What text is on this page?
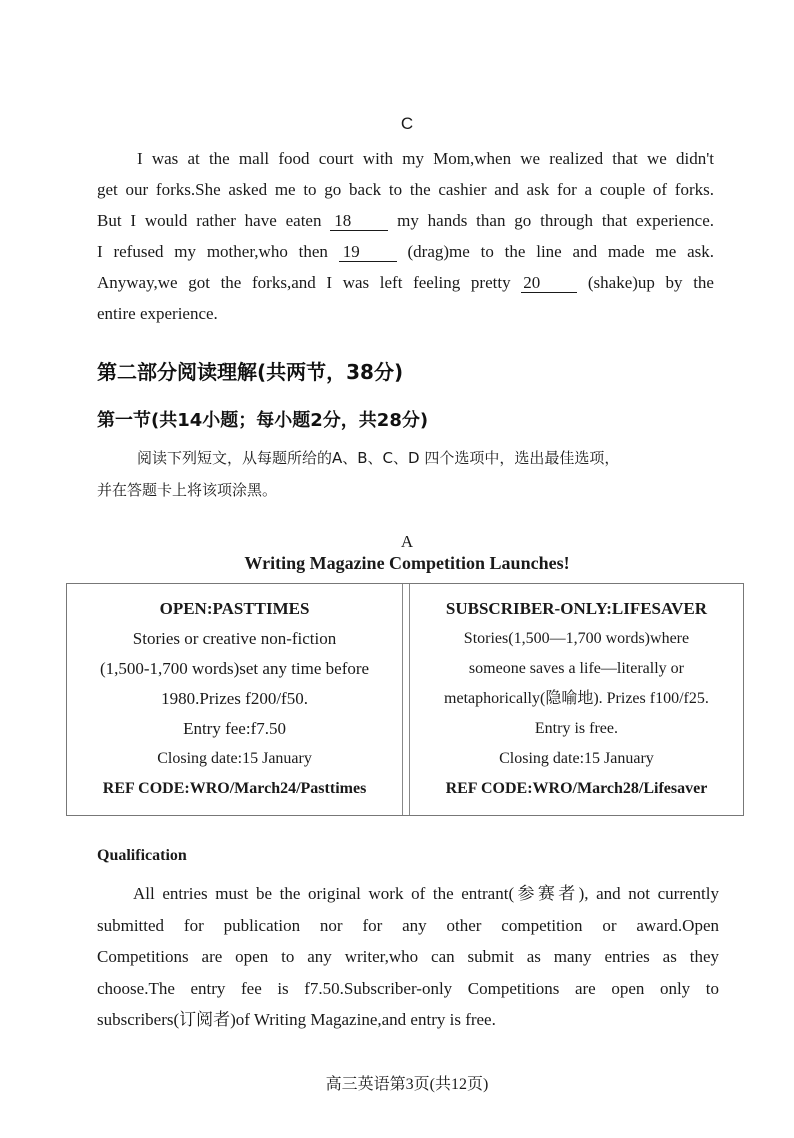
C
I was at the mall food court with my Mom,when we realized that we didn't
get our forks.She asked me to go back to the cashier and ask for a couple of forks.
But I would rather have eaten 18 my hands than go through that experience.
I refused my mother,who then 19 (drag)me to the line and made me ask.
Anyway,we got the forks,and I was left feeling pretty 20 (shake)up by the
entire experience.
第二部分阅读理解(共两节，38分)
第一节(共14小题；每小题2分，共28分)
阅读下列短文，从每题所给的A、B、C、D 四个选项中，选出最佳选项，
并在答题卡上将该项涂黑。
A
Writing Magazine Competition Launches!
OPEN:PASTTIMES
Stories or creative non-fiction
(1,500-1,700 words)set any time before
1980.Prizes f200/f50.
Entry fee:f7.50
Closing date:15 January
REF CODE:WRO/March24/Pasttimes

SUBSCRIBER-ONLY:LIFESAVER
Stories(1,500—1,700 words)where
someone saves a life—literally or
metaphorically(隐喻地). Prizes f100/f25.
Entry is free.
Closing date:15 January
REF CODE:WRO/March28/Lifesaver
Qualification
All entries must be the original work of the entrant(参赛者), and not currently
submitted for publication nor for any other competition or award.Open
Competitions are open to any writer,who can submit as many entries as they
choose.The entry fee is f7.50.Subscriber-only Competitions are open only to
subscribers(订阅者)of Writing Magazine,and entry is free.
高三英语第3页(共12页)
